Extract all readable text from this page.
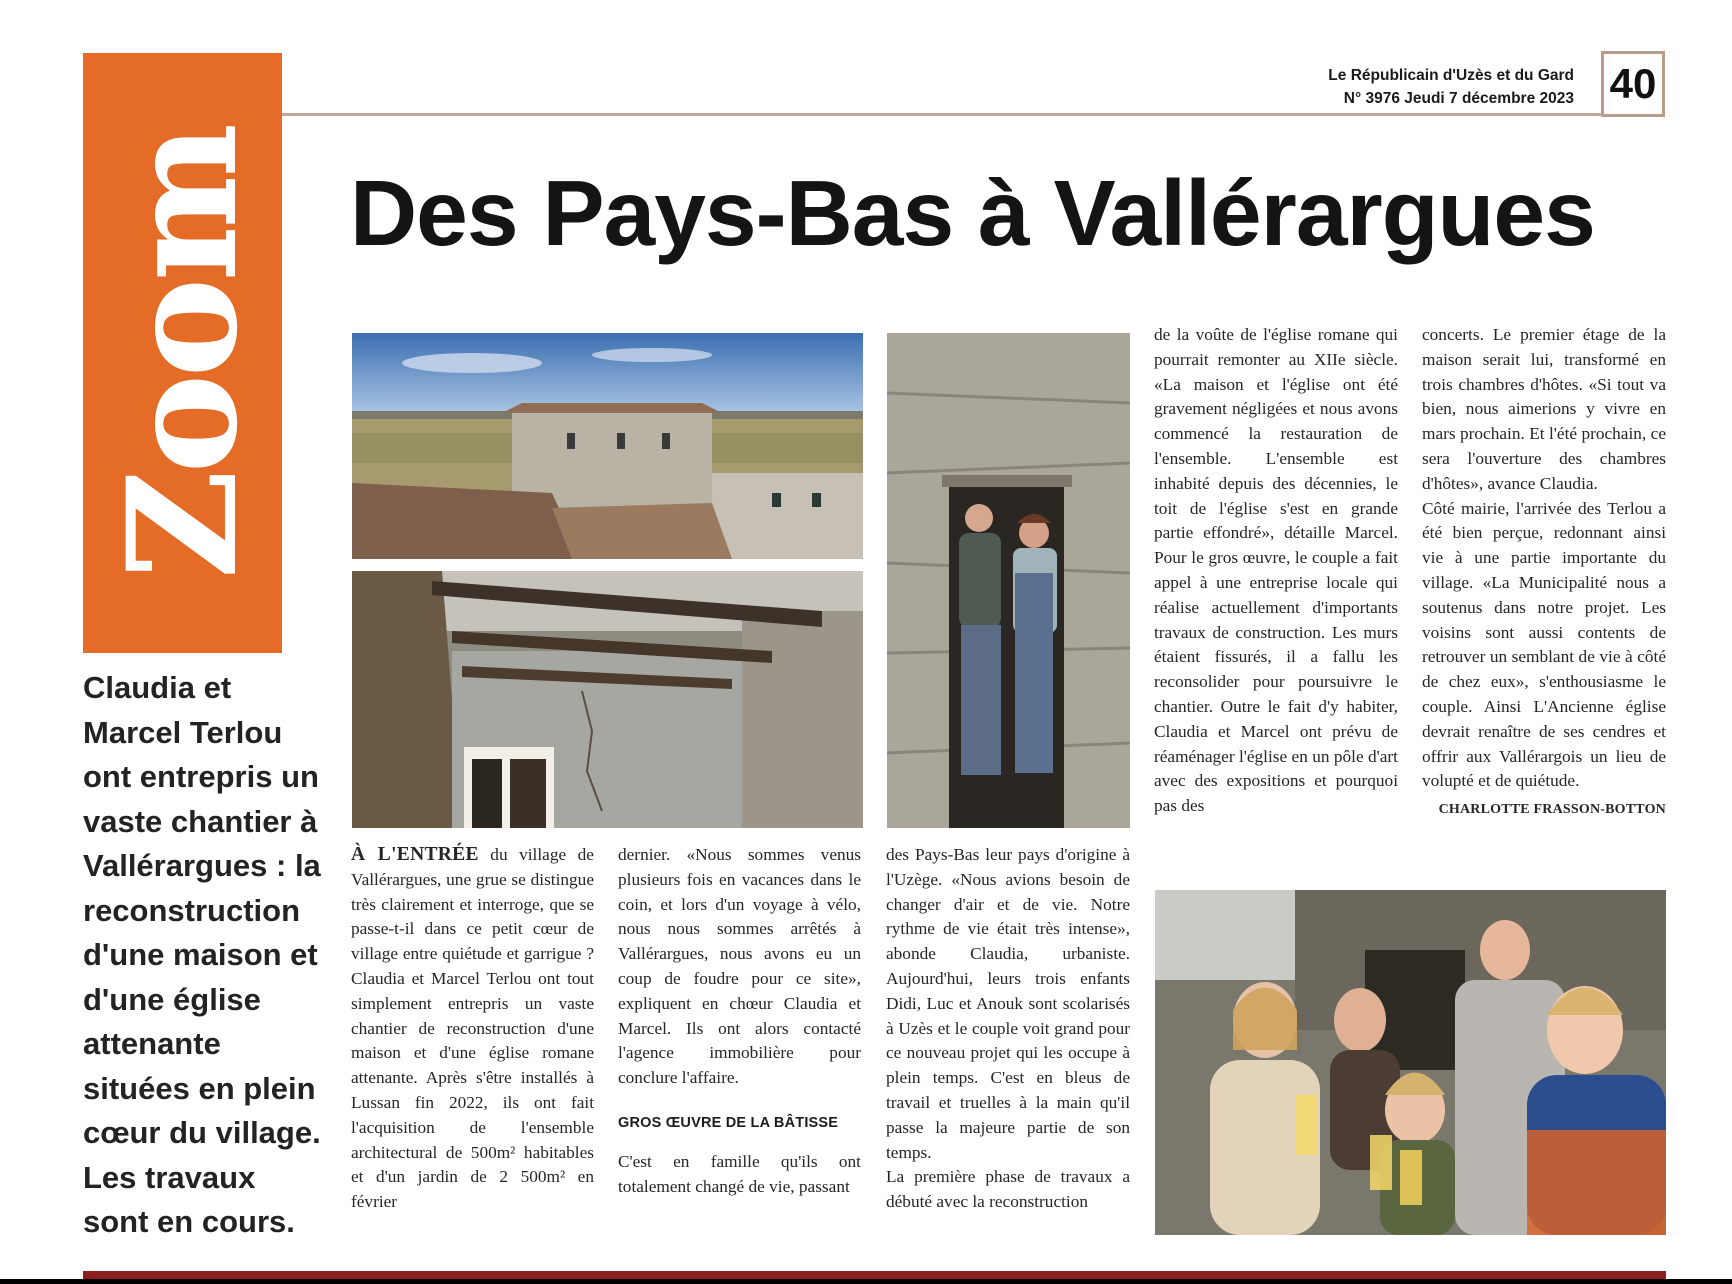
Zoom
Le Républicain d'Uzès et du Gard
N° 3976 Jeudi 7 décembre 2023 40
Des Pays-Bas à Vallérargues

Claudia et Marcel Terlou ont entrepris un vaste chantier à Vallérargues : la reconstruction d'une maison et d'une église attenante situées en plein cœur du village.

Les travaux sont en cours.

À L'ENTRÉE du village de Vallérargues, une grue se distingue très clairement et interroge, que se passe-t-il dans ce petit cœur de village entre quiétude et garrigue ? Claudia et Marcel Terlou ont tout simplement entrepris un vaste chantier de reconstruction d'une maison et d'une église romane attenante. Après s'être installés à Lussan fin 2022, ils ont fait l'acquisition de l'ensemble architectural de 500m² habitables et d'un jardin de 2 500m² en février

dernier. «Nous sommes venus plusieurs fois en vacances dans le coin, et lors d'un voyage à vélo, nous nous sommes arrêtés à Vallérargues, nous avons eu un coup de foudre pour ce site», expliquent en chœur Claudia et Marcel. Ils ont alors contacté l'agence immobilière pour conclure l'affaire.

GROS ŒUVRE DE LA BÂTISSE

C'est en famille qu'ils ont totalement changé de vie, passant

des Pays-Bas leur pays d'origine à l'Uzège. «Nous avions besoin de changer d'air et de vie. Notre rythme de vie était très intense», abonde Claudia, urbaniste. Aujourd'hui, leurs trois enfants Didi, Luc et Anouk sont scolarisés à Uzès et le couple voit grand pour ce nouveau projet qui les occupe à plein temps. C'est en bleus de travail et truelles à la main qu'il passe la majeure partie de son temps.

La première phase de travaux a débuté avec la reconstruction

de la voûte de l'église romane qui pourrait remonter au XIIe siècle. «La maison et l'église ont été gravement négligées et nous avons commencé la restauration de l'ensemble. L'ensemble est inhabité depuis des décennies, le toit de l'église s'est en grande partie effondré», détaille Marcel. Pour le gros œuvre, le couple a fait appel à une entreprise locale qui réalise actuellement d'importants travaux de construction. Les murs étaient fissurés, il a fallu les reconsolider pour poursuivre le chantier. Outre le fait d'y habiter, Claudia et Marcel ont prévu de réaménager l'église en un pôle d'art avec des expositions et pourquoi pas des

concerts. Le premier étage de la maison serait lui, transformé en trois chambres d'hôtes. «Si tout va bien, nous aimerions y vivre en mars prochain. Et l'été prochain, ce sera l'ouverture des chambres d'hôtes», avance Claudia.

Côté mairie, l'arrivée des Terlou a été bien perçue, redonnant ainsi vie à une partie importante du village. «La Municipalité nous a soutenus dans notre projet. Les voisins sont aussi contents de retrouver un semblant de vie à côté de chez eux», s'enthousiasme le couple. Ainsi L'Ancienne église devrait renaître de ses cendres et offrir aux Vallérargois un lieu de volupté et de quiétude.

CHARLOTTE FRASSON-BOTTON
